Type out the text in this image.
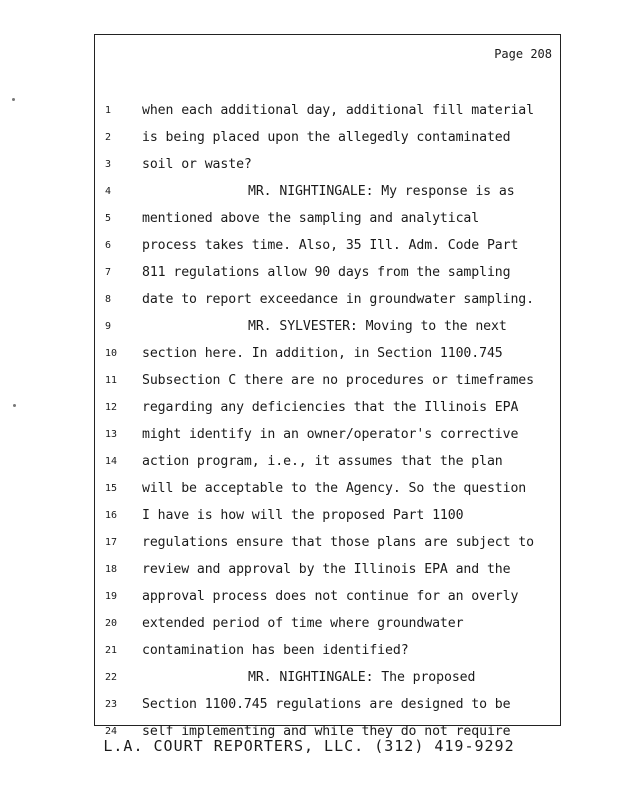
Page 208
1	when each additional day, additional fill material
2	is being placed upon the allegedly contaminated
3	soil or waste?
4	MR. NIGHTINGALE: My response is as
5	mentioned above the sampling and analytical
6	process takes time. Also, 35 Ill. Adm. Code Part
7	811 regulations allow 90 days from the sampling
8	date to report exceedance in groundwater sampling.
9	MR. SYLVESTER: Moving to the next
10	section here. In addition, in Section 1100.745
11	Subsection C there are no procedures or timeframes
12	regarding any deficiencies that the Illinois EPA
13	might identify in an owner/operator's corrective
14	action program, i.e., it assumes that the plan
15	will be acceptable to the Agency. So the question
16	I have is how will the proposed Part 1100
17	regulations ensure that those plans are subject to
18	review and approval by the Illinois EPA and the
19	approval process does not continue for an overly
20	extended period of time where groundwater
21	contamination has been identified?
22	MR. NIGHTINGALE: The proposed
23	Section 1100.745 regulations are designed to be
24	self implementing and while they do not require
L.A. COURT REPORTERS, LLC. (312) 419-9292
